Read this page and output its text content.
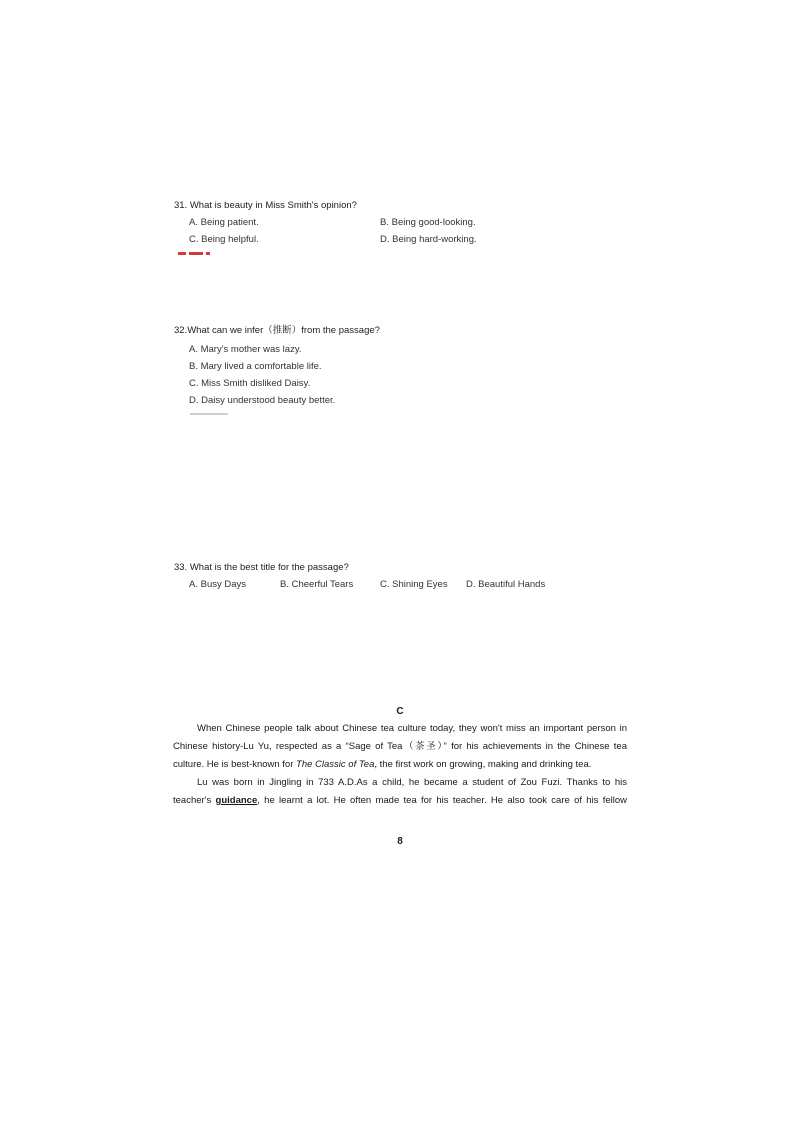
31. What is beauty in Miss Smith's opinion?
A. Being patient.	B. Being good-looking.
C. Being helpful.	D. Being hard-working.
32.What can we infer（推断）from the passage?
A. Mary's mother was lazy.
B. Mary lived a comfortable life.
C. Miss Smith disliked Daisy.
D. Daisy understood beauty better.
33. What is the best title for the passage?
A. Busy Days	B. Cheerful Tears	C. Shining Eyes D. Beautiful Hands
C
When Chinese people talk about Chinese tea culture today, they won't miss an important person in
Chinese history-Lu Yu, respected as a “Sage of Tea（茶圣）” for his achievements in the Chinese tea
culture. He is best-known for The Classic of Tea, the first work on growing, making and drinking tea.
Lu was born in Jingling in 733 A.D.As a child, he became a student of Zou Fuzi. Thanks to his
teacher's guidance, he learnt a lot. He often made tea for his teacher. He also took care of his fellow
8
